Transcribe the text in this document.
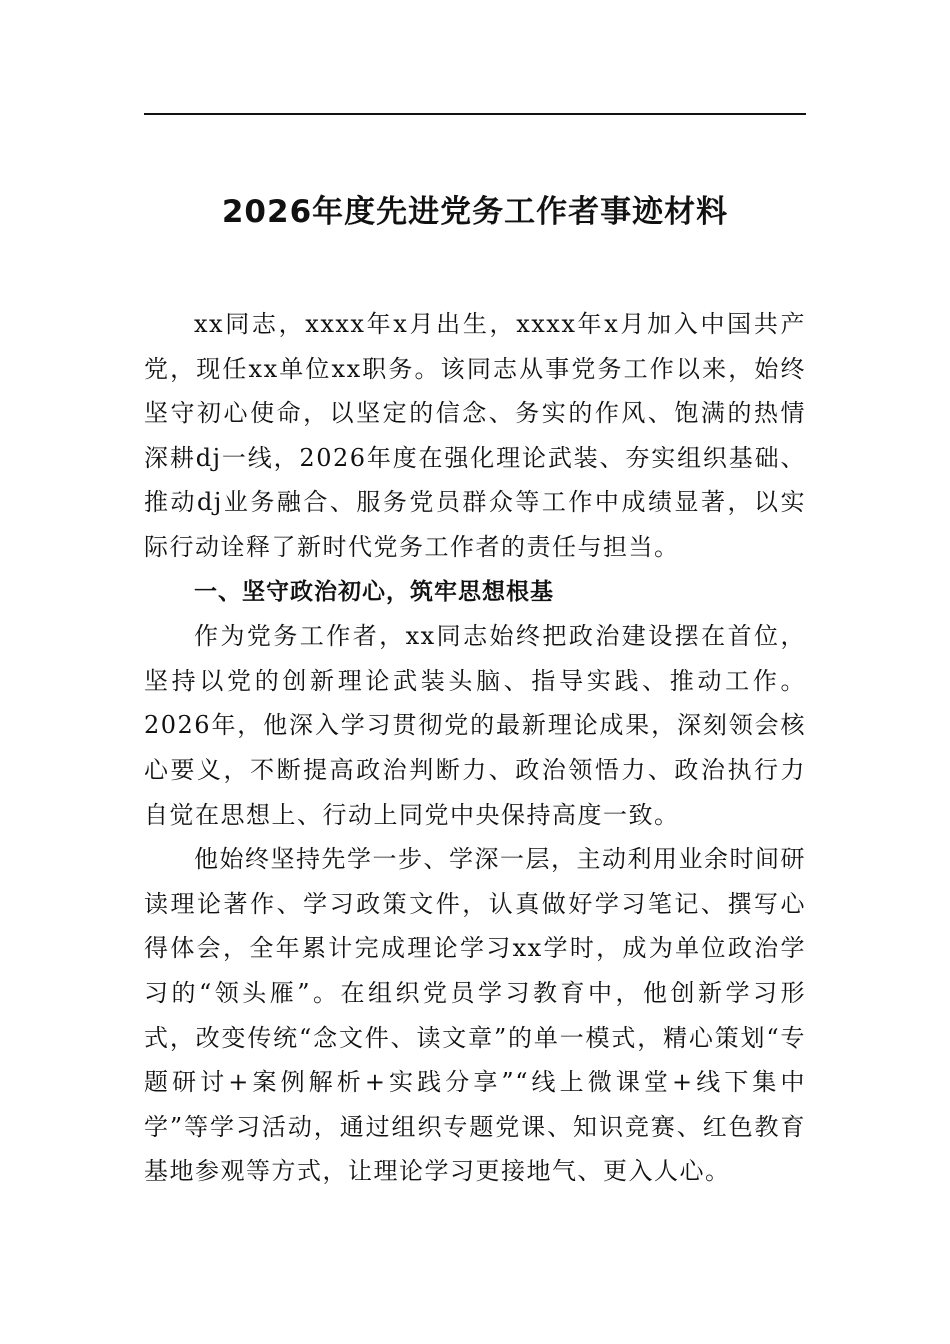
2026年度先进党务工作者事迹材料

xx同志，xxxx年x月出生，xxxx年x月加入中国共产党，现任xx单位xx职务。该同志从事党务工作以来，始终坚守初心使命，以坚定的信念、务实的作风、饱满的热情深耕dj一线，2026年度在强化理论武装、夯实组织基础、推动dj业务融合、服务党员群众等工作中成绩显著，以实际行动诠释了新时代党务工作者的责任与担当。

一、坚守政治初心，筑牢思想根基

作为党务工作者，xx同志始终把政治建设摆在首位，坚持以党的创新理论武装头脑、指导实践、推动工作。2026年，他深入学习贯彻党的最新理论成果，深刻领会核心要义，不断提高政治判断力、政治领悟力、政治执行力自觉在思想上、行动上同党中央保持高度一致。

他始终坚持先学一步、学深一层，主动利用业余时间研读理论著作、学习政策文件，认真做好学习笔记、撰写心得体会，全年累计完成理论学习xx学时，成为单位政治学习的“领头雁”。在组织党员学习教育中，他创新学习形式，改变传统“念文件、读文章”的单一模式，精心策划“专题研讨+案例解析+实践分享”“线上微课堂+线下集中学”等学习活动，通过组织专题党课、知识竞赛、红色教育基地参观等方式，让理论学习更接地气、更入人心。
